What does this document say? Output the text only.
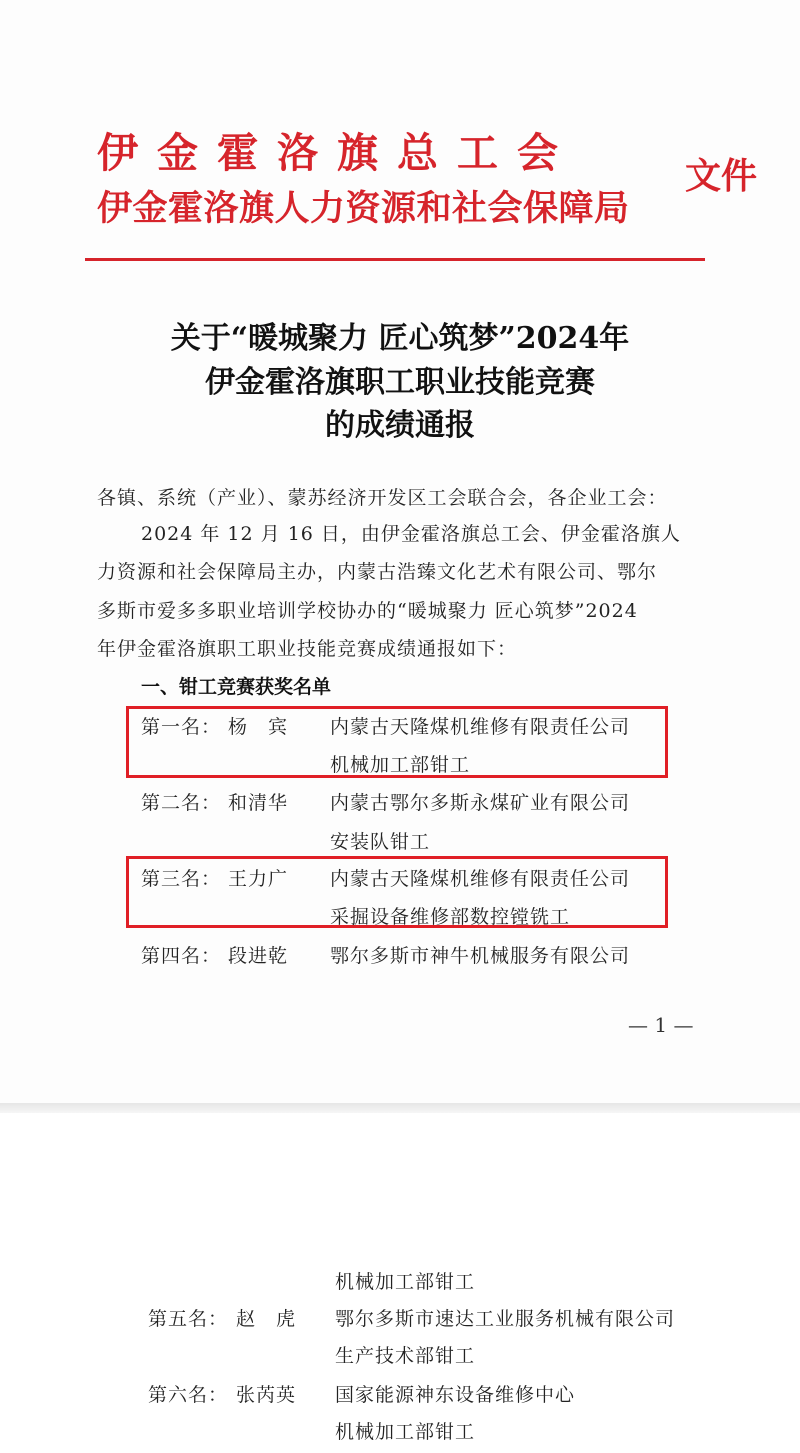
伊金霍洛旗总工会
伊金霍洛旗人力资源和社会保障局
文件
关于“暖城聚力 匠心筑梦”2024年
伊金霍洛旗职工职业技能竞赛
的成绩通报
各镇、系统（产业）、蒙苏经济开发区工会联合会，各企业工会：
2024 年 12 月 16 日，由伊金霍洛旗总工会、伊金霍洛旗人
力资源和社会保障局主办，内蒙古浩臻文化艺术有限公司、鄂尔
多斯市爱多多职业培训学校协办的“暖城聚力 匠心筑梦”2024
年伊金霍洛旗职工职业技能竞赛成绩通报如下：
一、钳工竞赛获奖名单
第一名： 杨　宾 内蒙古天隆煤机维修有限责任公司
机械加工部钳工
第二名： 和清华 内蒙古鄂尔多斯永煤矿业有限公司
安装队钳工
第三名： 王力广 内蒙古天隆煤机维修有限责任公司
采掘设备维修部数控镗铣工
第四名： 段进乾 鄂尔多斯市神牛机械服务有限公司
— 1 —
机械加工部钳工
第五名： 赵　虎 鄂尔多斯市速达工业服务机械有限公司
生产技术部钳工
第六名： 张芮英 国家能源神东设备维修中心
机械加工部钳工
